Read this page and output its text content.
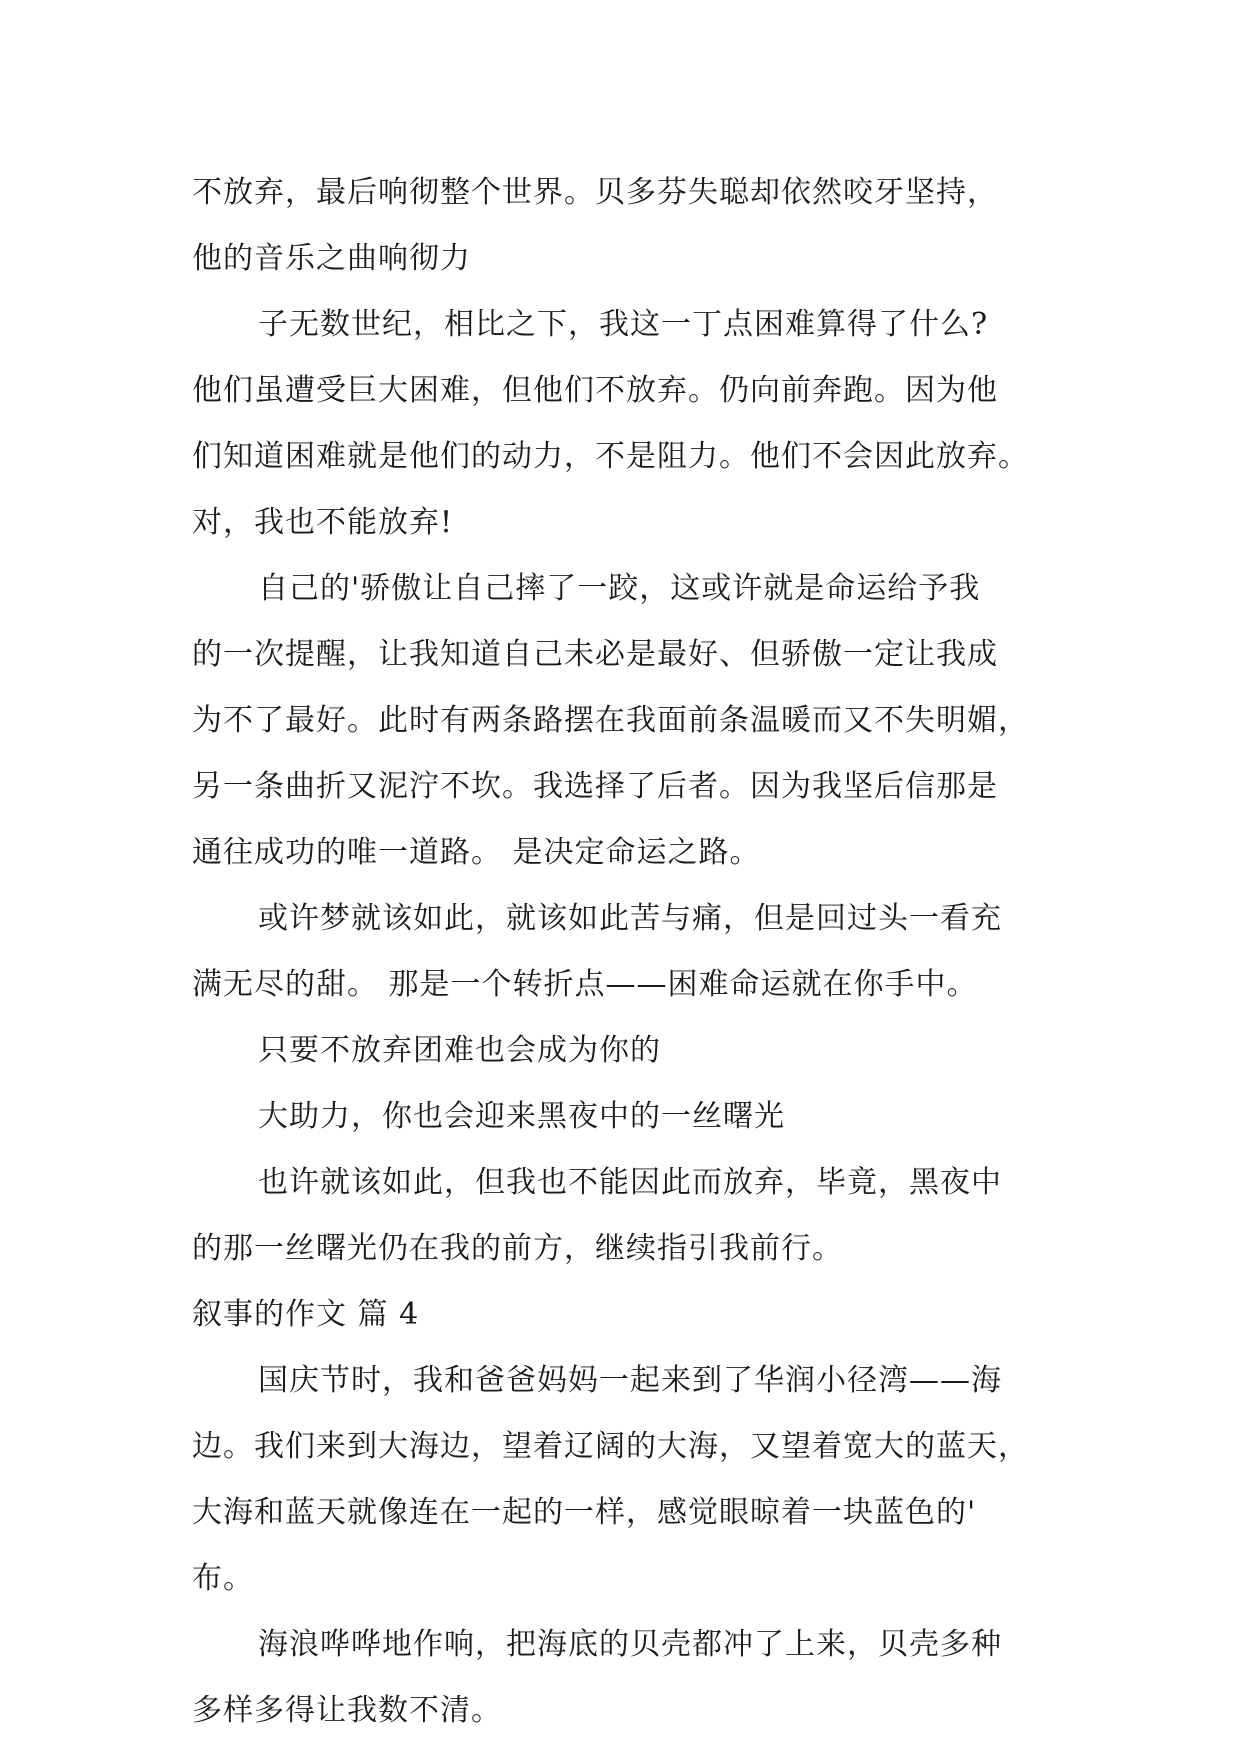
不放弃，最后响彻整个世界。贝多芬失聪却依然咬牙坚持，
他的音乐之曲响彻力
子无数世纪，相比之下，我这一丁点困难算得了什么?
他们虽遭受巨大困难，但他们不放弃。仍向前奔跑。因为他
们知道困难就是他们的动力，不是阻力。他们不会因此放弃。
对，我也不能放弃!
自己的'骄傲让自己摔了一跤，这或许就是命运给予我
的一次提醒，让我知道自己未必是最好、但骄傲一定让我成
为不了最好。此时有两条路摆在我面前条温暖而又不失明媚，
另一条曲折又泥泞不坎。我选择了后者。因为我坚后信那是
通往成功的唯一道路。 是决定命运之路。
或许梦就该如此，就该如此苦与痛，但是回过头一看充
满无尽的甜。 那是一个转折点——困难命运就在你手中。
只要不放弃团难也会成为你的
大助力，你也会迎来黑夜中的一丝曙光
也许就该如此，但我也不能因此而放弃，毕竟，黑夜中
的那一丝曙光仍在我的前方，继续指引我前行。
叙事的作文 篇 4
国庆节时，我和爸爸妈妈一起来到了华润小径湾——海
边。我们来到大海边，望着辽阔的大海，又望着宽大的蓝天，
大海和蓝天就像连在一起的一样，感觉眼晾着一块蓝色的'
布。
海浪哗哗地作响，把海底的贝壳都冲了上来，贝壳多种
多样多得让我数不清。
